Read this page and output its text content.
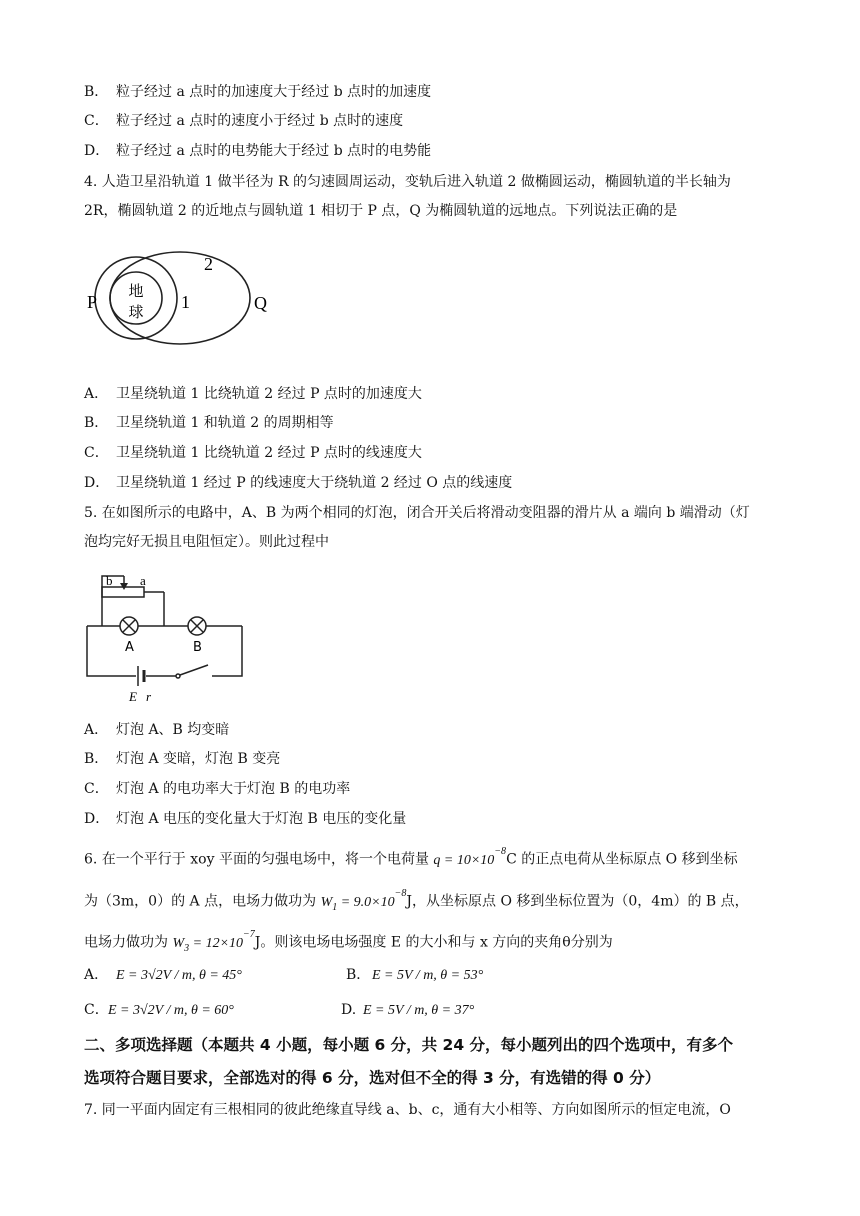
B． 粒子经过 a 点时的加速度大于经过 b 点时的加速度
C． 粒子经过 a 点时的速度小于经过 b 点时的速度
D． 粒子经过 a 点时的电势能大于经过 b 点时的电势能
4. 人造卫星沿轨道 1 做半径为 R 的匀速圆周运动，变轨后进入轨道 2 做椭圆运动，椭圆轨道的半长轴为
2R，椭圆轨道 2 的近地点与圆轨道 1 相切于 P 点，Q 为椭圆轨道的远地点。下列说法正确的是
地
球 1
2
P	Q
A． 卫星绕轨道 1 比绕轨道 2 经过 P 点时的加速度大
B． 卫星绕轨道 1 和轨道 2 的周期相等
C． 卫星绕轨道 1 比绕轨道 2 经过 P 点时的线速度大
D． 卫星绕轨道 1 经过 P 的线速度大于绕轨道 2 经过 O 点的线速度
5. 在如图所示的电路中，A、B 为两个相同的灯泡，闭合开关后将滑动变阻器的滑片从 a 端向 b 端滑动（灯
泡均完好无损且电阻恒定）。则此过程中
b a
A	B
E r
A． 灯泡 A、B 均变暗
B． 灯泡 A 变暗，灯泡 B 变亮
C． 灯泡 A 的电功率大于灯泡 B 的电功率
D． 灯泡 A 电压的变化量大于灯泡 B 电压的变化量
6. 在一个平行于 xoy 平面的匀强电场中，将一个电荷量 $q = 10\times 10^{-8}C$ 的正点电荷从坐标原点 O 移到坐标
为（3m，0）的 A 点，电场力做功为 $W_1 = 9.0\times 10^{-8}J$，从坐标原点 O 移到坐标位置为（0，4m）的 B 点，
电场力做功为 $W_3 = 12\times 10^{-7}J$。则该电场电场强度 E 的大小和与 x 方向的夹角θ分别为
A． E = 3√2V / m, θ = 45°	B． E = 5V / m, θ = 53°
C．E = 3√2V / m, θ = 60°	D. E = 5V / m, θ = 37°
二、多项选择题（本题共 4 小题，每小题 6 分，共 24 分，每小题列出的四个选项中，有多个
选项符合题目要求，全部选对的得 6 分，选对但不全的得 3 分，有选错的得 0 分）
7. 同一平面内固定有三根相同的彼此绝缘直导线 a、b、c，通有大小相等、方向如图所示的恒定电流，O
